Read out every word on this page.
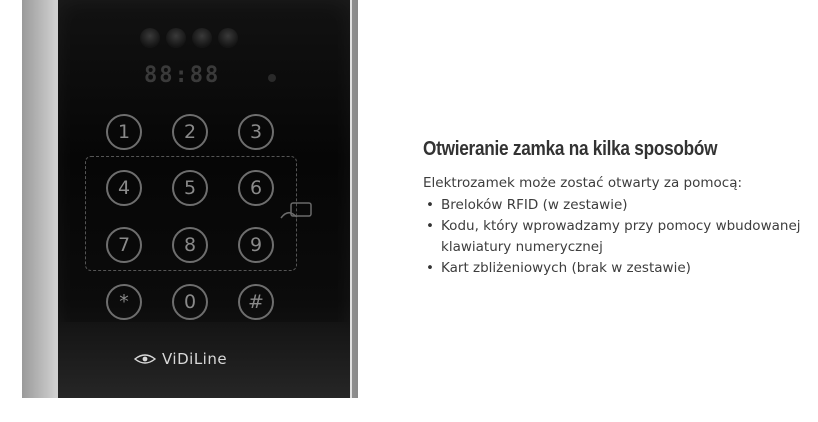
88:88
1	2	3
4	5	6
7	8	9
*	0	#
ViDiLine
Otwieranie zamka na kilka sposobów

Elektrozamek może zostać otwarty za pomocą:

• Breloków RFID (w zestawie)
• Kodu, który wprowadzamy przy pomocy wbudowanej klawiatury numerycznej
• Kart zbliżeniowych (brak w zestawie)
